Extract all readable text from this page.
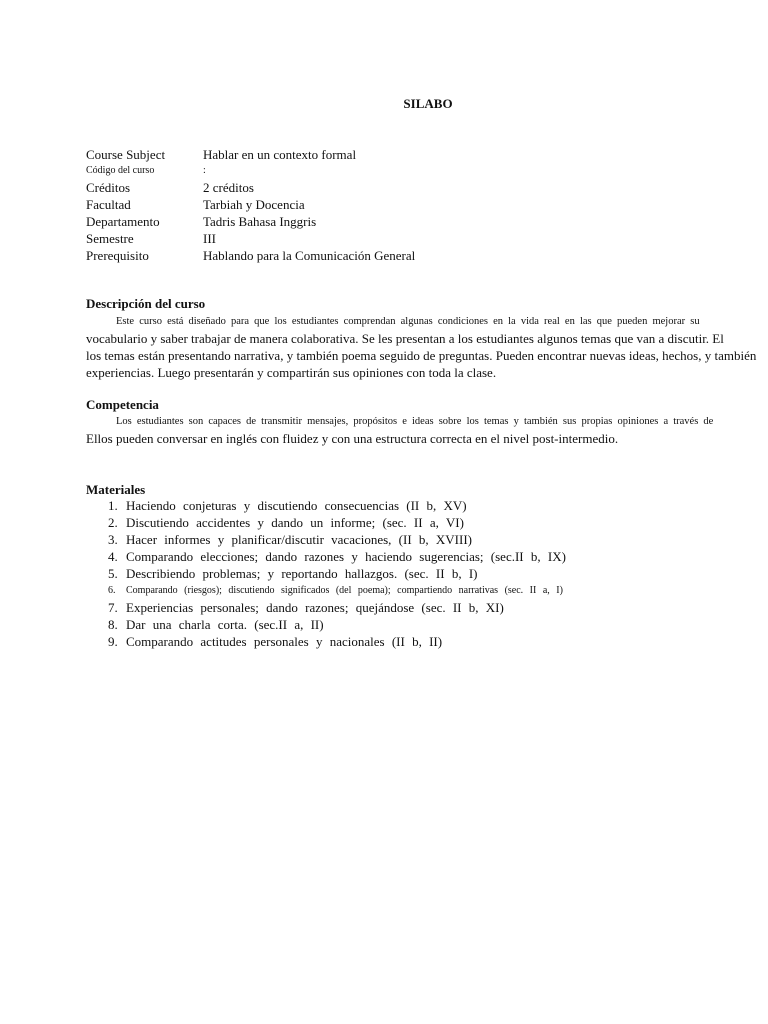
SILABO
Course Subject	Hablar en un contexto formal
Código del curso	:
Créditos	2 créditos
Facultad	Tarbiah y Docencia
Departamento	Tadris Bahasa Inggris
Semestre	III
Prerequisito	Hablando para la Comunicación General
Descripción del curso
Este curso está diseñado para que los estudiantes comprendan algunas condiciones en la vida real en las que pueden mejorar su
vocabulario y saber trabajar de manera colaborativa. Se les presentan a los estudiantes algunos temas que van a discutir. El
los temas están presentando narrativa, y también poema seguido de preguntas. Pueden encontrar nuevas ideas, hechos, y también
experiencias. Luego presentarán y compartirán sus opiniones con toda la clase.
Competencia
Los estudiantes son capaces de transmitir mensajes, propósitos e ideas sobre los temas y también sus propias opiniones a través de
Ellos pueden conversar en inglés con fluidez y con una estructura correcta en el nivel post-intermedio.
Materiales
1. Haciendo conjeturas y discutiendo consecuencias (II b, XV)
2. Discutiendo accidentes y dando un informe; (sec. II a, VI)
3. Hacer informes y planificar/discutir vacaciones, (II b, XVIII)
4. Comparando elecciones; dando razones y haciendo sugerencias; (sec.II b, IX)
5. Describiendo problemas; y reportando hallazgos. (sec. II b, I)
6.	Comparando (riesgos); discutiendo significados (del poema); compartiendo narrativas (sec. II a, I)
7. Experiencias personales; dando razones; quejándose (sec. II b, XI)
8. Dar una charla corta. (sec.II a, II)
9. Comparando actitudes personales y nacionales (II b, II)
